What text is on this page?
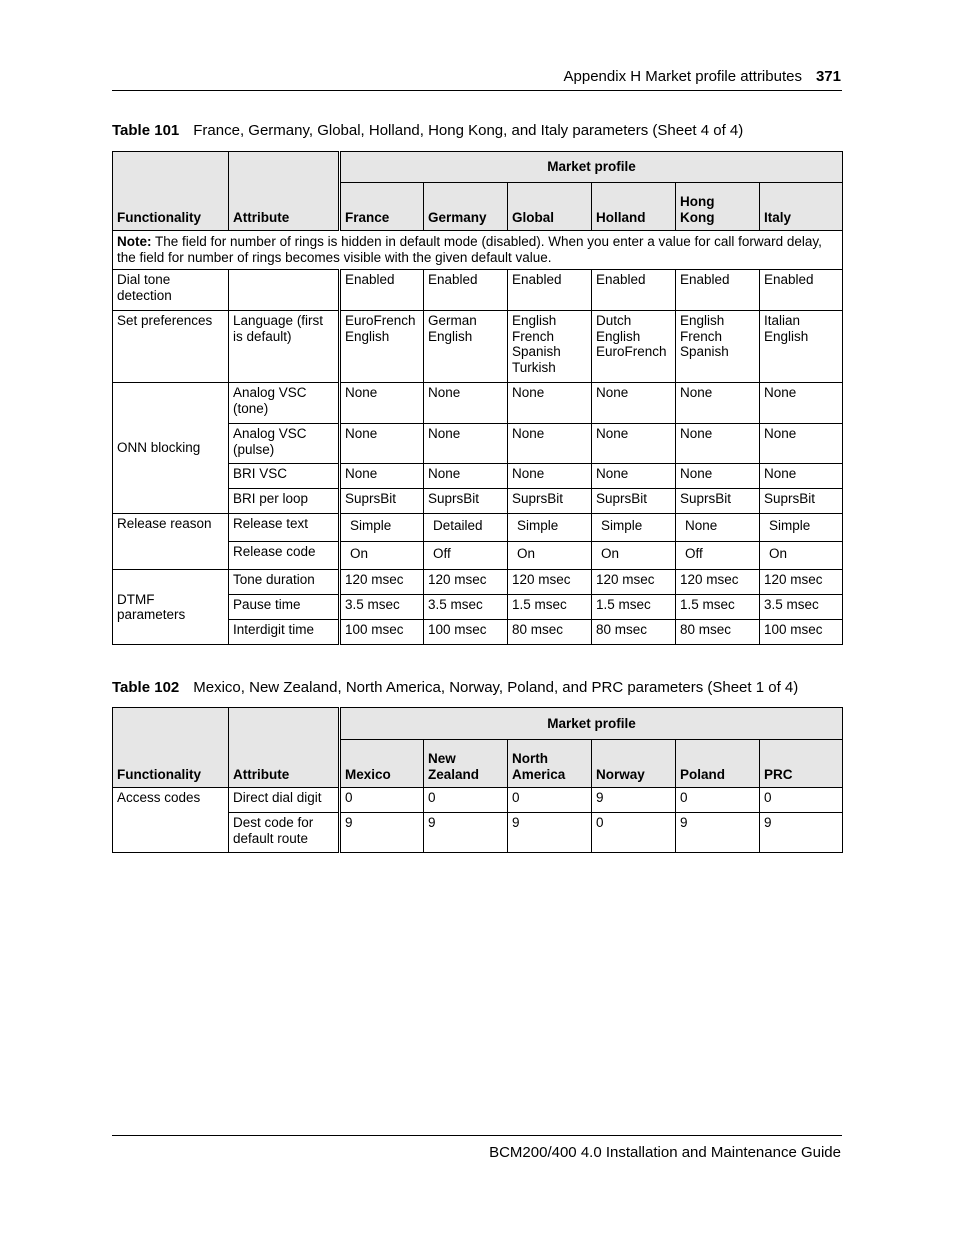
Appendix H Market profile attributes 371
Table 101 France, Germany, Global, Holland, Hong Kong, and Italy parameters (Sheet 4 of 4)
Functionality	Attribute	Market profile					
		France	Germany	Global	Holland	Hong Kong	Italy
Note: The field for number of rings is hidden in default mode (disabled). When you enter a value for call forward delay, the field for number of rings becomes visible with the given default value.							
Dial tone detection		Enabled	Enabled	Enabled	Enabled	Enabled	Enabled
Set preferences	Language (first is default)	EuroFrench English	German English	English French Spanish Turkish	Dutch English EuroFrench	English French Spanish	Italian English
ONN blocking	Analog VSC (tone)	None	None	None	None	None	None
	Analog VSC (pulse)	None	None	None	None	None	None
	BRI VSC	None	None	None	None	None	None
	BRI per loop	SuprsBit	SuprsBit	SuprsBit	SuprsBit	SuprsBit	SuprsBit
Release reason	Release text	Simple	Detailed	Simple	Simple	None	Simple
	Release code	On	Off	On	On	Off	On
DTMF parameters	Tone duration	120 msec	120 msec	120 msec	120 msec	120 msec	120 msec
	Pause time	3.5 msec	3.5 msec	1.5 msec	1.5 msec	1.5 msec	3.5 msec
	Interdigit time	100 msec	100 msec	80 msec	80 msec	80 msec	100 msec
Table 102 Mexico, New Zealand, North America, Norway, Poland, and PRC parameters (Sheet 1 of 4)
Functionality	Attribute	Market profile					
		Mexico	New Zealand	North America	Norway	Poland	PRC
Access codes	Direct dial digit	0	0	0	9	0	0
	Dest code for default route	9	9	9	0	9	9
BCM200/400 4.0 Installation and Maintenance Guide
